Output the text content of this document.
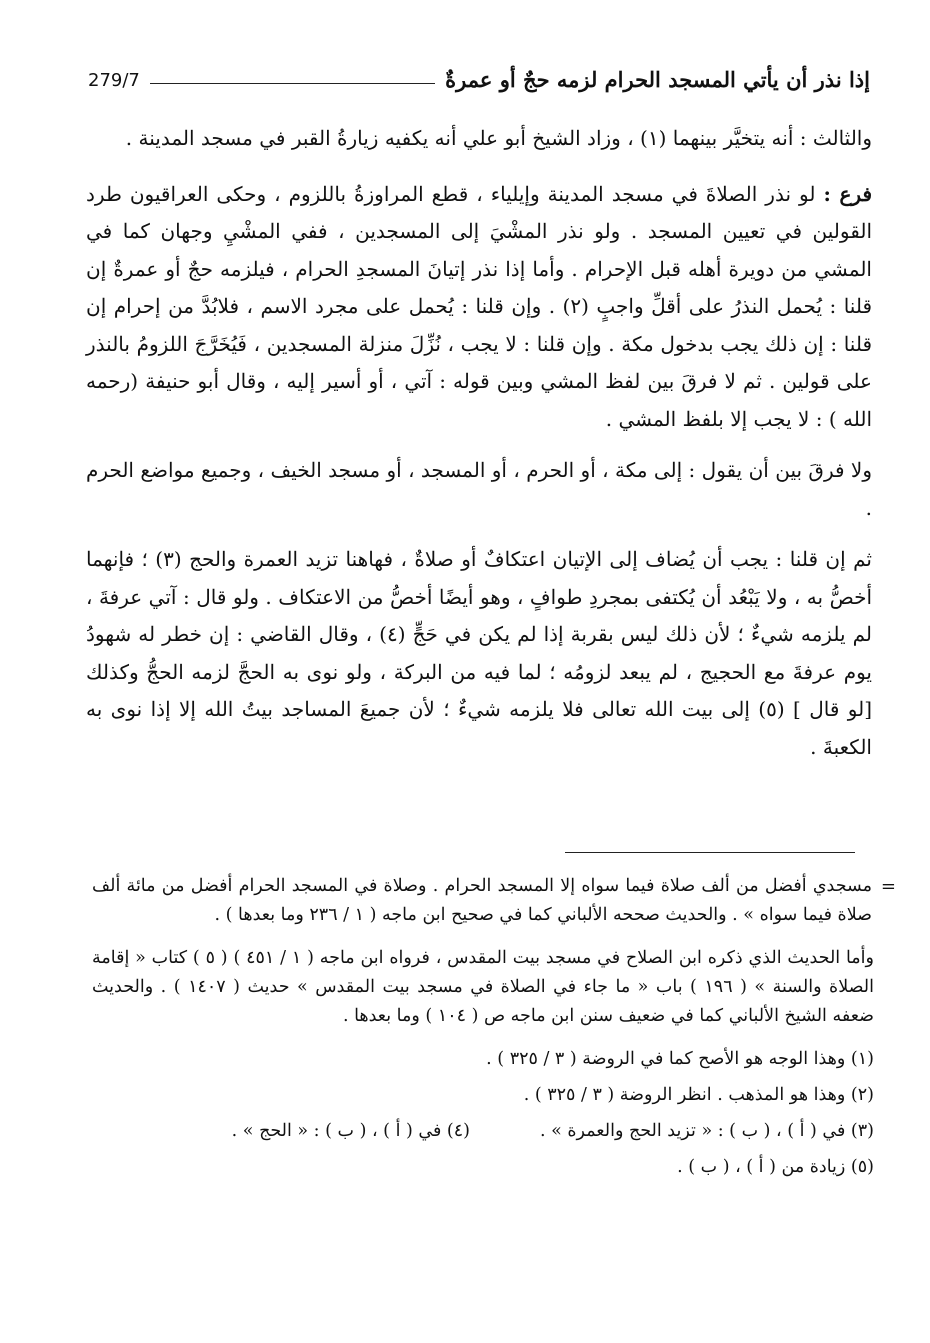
279/7	إذا نذر أن يأتي المسجد الحرام لزمه حجٌ أو عمرةٌ

والثالث : أنه يتخيَّر بينهما (١) ، وزاد الشيخ أبو علي أنه يكفيه زيارةُ القبر في مسجد المدينة .

فرع : لو نذر الصلاةَ في مسجد المدينة وإيلياء ، قطع المراوزةُ باللزوم ، وحكى العراقيون طرد القولين في تعيين المسجد . ولو نذر المشْيَ إلى المسجدين ، ففي المشْيِ وجهان كما في المشي من دويرة أهله قبل الإحرام . وأما إذا نذر إتيانَ المسجدِ الحرام ، فيلزمه حجٌ أو عمرةٌ إن قلنا : يُحمل النذرُ على أقلِّ واجبٍ (٢) . وإن قلنا : يُحمل على مجرد الاسم ، فلابُدَّ من إحرام إن قلنا : إن ذلك يجب بدخول مكة . وإن قلنا : لا يجب ، نُزِّلَ منزلة المسجدين ، فَيُخَرَّجَ اللزومُ بالنذر على قولين . ثم لا فرقَ بين لفظ المشي وبين قوله : آتي ، أو أسير إليه ، وقال أبو حنيفة (رحمه الله ) : لا يجب إلا بلفظ المشي .

ولا فرقَ بين أن يقول : إلى مكة ، أو الحرم ، أو المسجد ، أو مسجد الخيف ، وجميع مواضع الحرم .

ثم إن قلنا : يجب أن يُضاف إلى الإتيان اعتكافٌ أو صلاةٌ ، فهاهنا تزيد العمرة والحج (٣) ؛ فإنهما أخصُّ به ، ولا يَبْعُد أن يُكتفى بمجردِ طوافٍ ، وهو أيضًا أخصُّ من الاعتكاف . ولو قال : آتي عرفةَ ، لم يلزمه شيءٌ ؛ لأن ذلك ليس بقربة إذا لم يكن في حَجٍّ (٤) ، وقال القاضي : إن خطر له شهودُ يوم عرفةَ مع الحجيج ، لم يبعد لزومُه ؛ لما فيه من البركة ، ولو نوى به الحجَّ لزمه الحجُّ وكذلك [لو قال ] (٥) إلى بيت الله تعالى فلا يلزمه شيءٌ ؛ لأن جميعَ المساجد بيتُ الله إلا إذا نوى به الكعبةَ .

=
مسجدي أفضل من ألف صلاة فيما سواه إلا المسجد الحرام . وصلاة في المسجد الحرام أفضل من مائة ألف صلاة فيما سواه » . والحديث صححه الألباني كما في صحيح ابن ماجه ( ١ / ٢٣٦ وما بعدها ) .

وأما الحديث الذي ذكره ابن الصلاح في مسجد بيت المقدس ، فرواه ابن ماجه ( ١ / ٤٥١ ) ( ٥ ) كتاب « إقامة الصلاة والسنة » ( ١٩٦ ) باب « ما جاء في الصلاة في مسجد بيت المقدس » حديث ( ١٤٠٧ ) . والحديث ضعفه الشيخ الألباني كما في ضعيف سنن ابن ماجه ص ( ١٠٤ ) وما بعدها .

(١) وهذا الوجه هو الأصح كما في الروضة ( ٣ / ٣٢٥ ) .

(٢) وهذا هو المذهب . انظر الروضة ( ٣ / ٣٢٥ ) .

(٣) في ( أ ) ، ( ب ) : « تزيد الحج والعمرة » .

(٤) في ( أ ) ، ( ب ) : « الحج » .

(٥) زيادة من ( أ ) ، ( ب ) .
